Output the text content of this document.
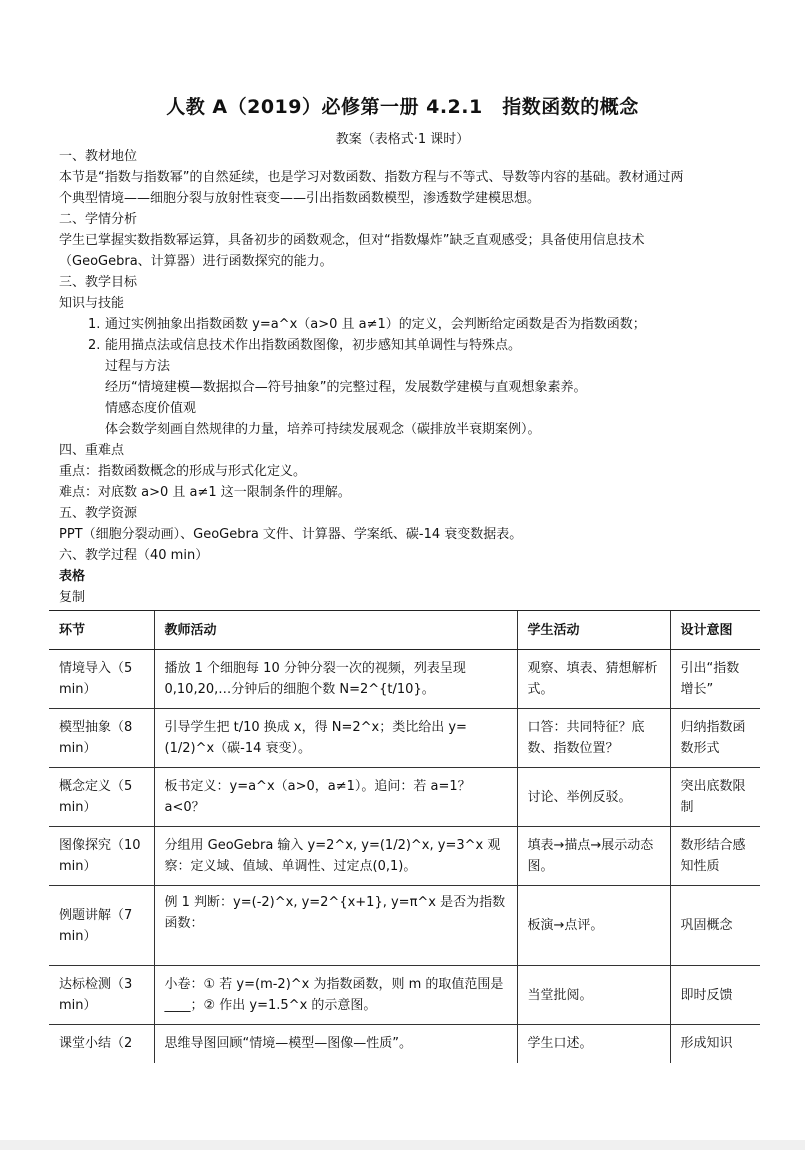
人教 A（2019）必修第一册 4.2.1　指数函数的概念
教案（表格式·1 课时）
一、教材地位
本节是“指数与指数幂”的自然延续，也是学习对数函数、指数方程与不等式、导数等内容的基础。教材通过两
个典型情境——细胞分裂与放射性衰变——引出指数函数模型，渗透数学建模思想。
二、学情分析
学生已掌握实数指数幂运算，具备初步的函数观念，但对“指数爆炸”缺乏直观感受；具备使用信息技术
（GeoGebra、计算器）进行函数探究的能力。
三、教学目标
知识与技能
1. 通过实例抽象出指数函数 y=a^x（a>0 且 a≠1）的定义，会判断给定函数是否为指数函数；
2. 能用描点法或信息技术作出指数函数图像，初步感知其单调性与特殊点。
过程与方法
经历“情境建模—数据拟合—符号抽象”的完整过程，发展数学建模与直观想象素养。
情感态度价值观
体会数学刻画自然规律的力量，培养可持续发展观念（碳排放半衰期案例）。
四、重难点
重点：指数函数概念的形成与形式化定义。
难点：对底数 a>0 且 a≠1 这一限制条件的理解。
五、教学资源
PPT（细胞分裂动画）、GeoGebra 文件、计算器、学案纸、碳-14 衰变数据表。
六、教学过程（40 min）
表格
复制
环节	教师活动	学生活动	设计意图
情境导入（5 min）	播放 1 个细胞每 10 分钟分裂一次的视频，列表呈现 0,10,20,…分钟后的细胞个数 N=2^{t/10}。	观察、填表、猜想解析式。	引出“指数增长”
模型抽象（8 min）	引导学生把 t/10 换成 x，得 N=2^x；类比给出 y=(1/2)^x（碳-14 衰变）。	口答：共同特征？底数、指数位置？	归纳指数函数形式
概念定义（5 min）	板书定义：y=a^x（a>0，a≠1）。追问：若 a=1？a<0？	讨论、举例反驳。	突出底数限制
图像探究（10 min）	分组用 GeoGebra 输入 y=2^x, y=(1/2)^x, y=3^x 观察：定义域、值域、单调性、过定点(0,1)。	填表→描点→展示动态图。	数形结合感知性质
例题讲解（7 min）	例 1 判断：y=(-2)^x, y=2^{x+1}, y=π^x 是否为指数函数：	板演→点评。	巩固概念
达标检测（3 min）	小卷：① 若 y=(m-2)^x 为指数函数，则 m 的取值范围是____；② 作出 y=1.5^x 的示意图。	当堂批阅。	即时反馈
课堂小结（2	思维导图回顾“情境—模型—图像—性质”。	学生口述。	形成知识
